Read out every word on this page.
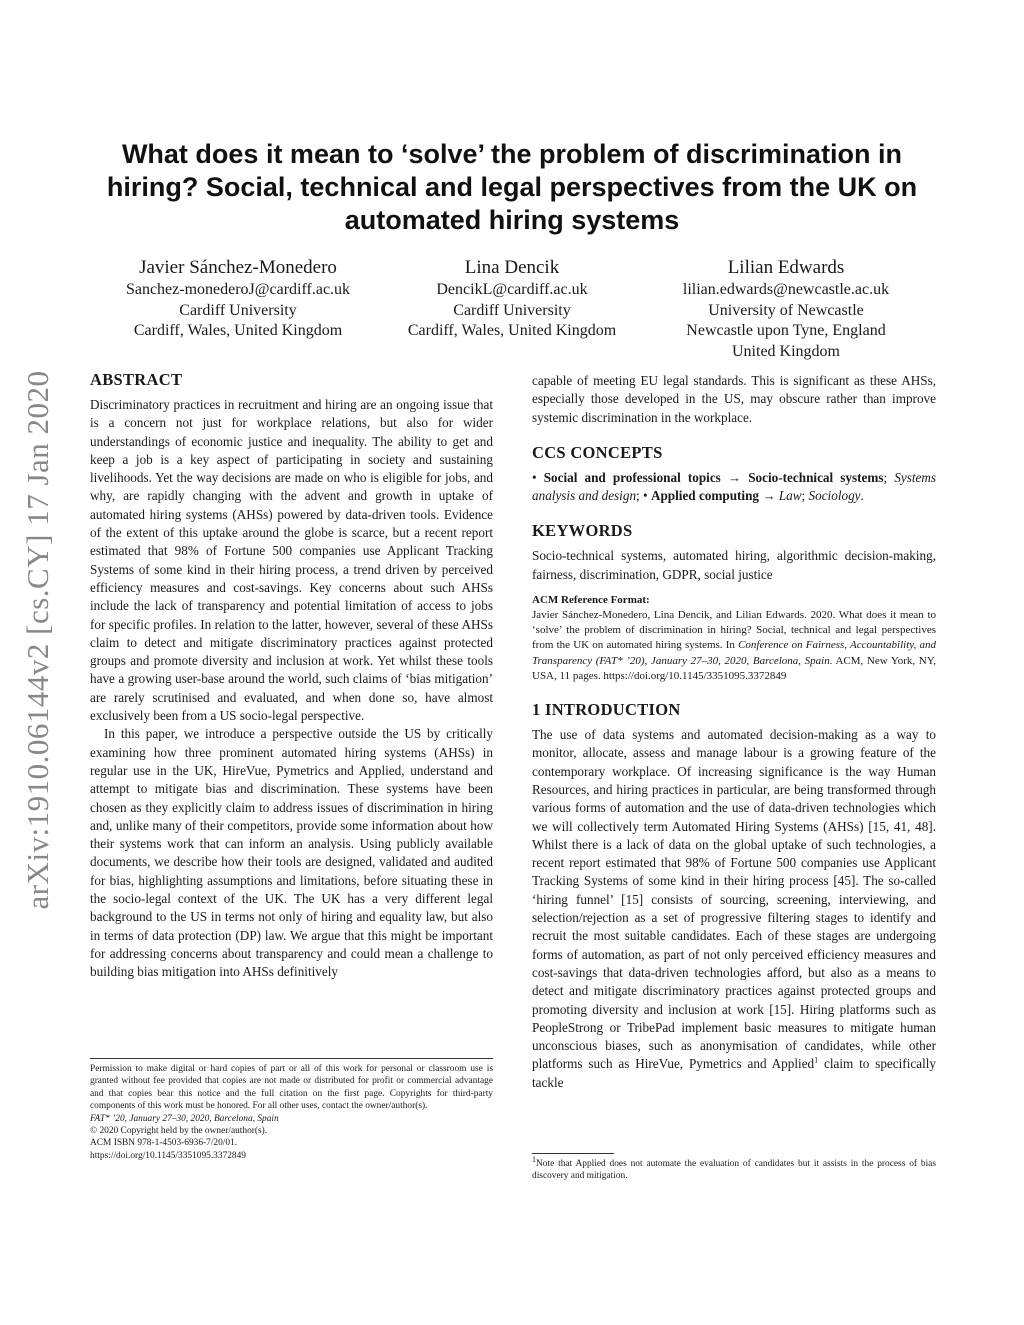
arXiv:1910.06144v2 [cs.CY] 17 Jan 2020
What does it mean to ‘solve’ the problem of discrimination in hiring? Social, technical and legal perspectives from the UK on automated hiring systems
Javier Sánchez-Monedero
Sanchez-monederoJ@cardiff.ac.uk
Cardiff University
Cardiff, Wales, United Kingdom
Lina Dencik
DencikL@cardiff.ac.uk
Cardiff University
Cardiff, Wales, United Kingdom
Lilian Edwards
lilian.edwards@newcastle.ac.uk
University of Newcastle
Newcastle upon Tyne, England
United Kingdom
ABSTRACT

Discriminatory practices in recruitment and hiring are an ongoing issue that is a concern not just for workplace relations, but also for wider understandings of economic justice and inequality. The ability to get and keep a job is a key aspect of participating in society and sustaining livelihoods. Yet the way decisions are made on who is eligible for jobs, and why, are rapidly changing with the advent and growth in uptake of automated hiring systems (AHSs) powered by data-driven tools. Evidence of the extent of this uptake around the globe is scarce, but a recent report estimated that 98% of Fortune 500 companies use Applicant Tracking Systems of some kind in their hiring process, a trend driven by perceived efficiency measures and cost-savings. Key concerns about such AHSs include the lack of transparency and potential limitation of access to jobs for specific profiles. In relation to the latter, however, several of these AHSs claim to detect and mitigate discriminatory practices against protected groups and promote diversity and inclusion at work. Yet whilst these tools have a growing user-base around the world, such claims of ‘bias mitigation’ are rarely scrutinised and evaluated, and when done so, have almost exclusively been from a US socio-legal perspective.

In this paper, we introduce a perspective outside the US by critically examining how three prominent automated hiring systems (AHSs) in regular use in the UK, HireVue, Pymetrics and Applied, understand and attempt to mitigate bias and discrimination. These systems have been chosen as they explicitly claim to address issues of discrimination in hiring and, unlike many of their competitors, provide some information about how their systems work that can inform an analysis. Using publicly available documents, we describe how their tools are designed, validated and audited for bias, highlighting assumptions and limitations, before situating these in the socio-legal context of the UK. The UK has a very different legal background to the US in terms not only of hiring and equality law, but also in terms of data protection (DP) law. We argue that this might be important for addressing concerns about transparency and could mean a challenge to building bias mitigation into AHSs definitively

Permission to make digital or hard copies of part or all of this work for personal or classroom use is granted without fee provided that copies are not made or distributed for profit or commercial advantage and that copies bear this notice and the full citation on the first page. Copyrights for third-party components of this work must be honored. For all other uses, contact the owner/author(s).

FAT* ’20, January 27–30, 2020, Barcelona, Spain

© 2020 Copyright held by the owner/author(s).

ACM ISBN 978-1-4503-6936-7/20/01.

https://doi.org/10.1145/3351095.3372849

capable of meeting EU legal standards. This is significant as these AHSs, especially those developed in the US, may obscure rather than improve systemic discrimination in the workplace.

CCS CONCEPTS

• Social and professional topics → Socio-technical systems; Systems analysis and design; • Applied computing → Law; Sociology.

KEYWORDS

Socio-technical systems, automated hiring, algorithmic decision-making, fairness, discrimination, GDPR, social justice

ACM Reference Format:

Javier Sánchez-Monedero, Lina Dencik, and Lilian Edwards. 2020. What does it mean to ‘solve’ the problem of discrimination in hiring? Social, technical and legal perspectives from the UK on automated hiring systems. In Conference on Fairness, Accountability, and Transparency (FAT* ’20), January 27–30, 2020, Barcelona, Spain. ACM, New York, NY, USA, 11 pages. https://doi.org/10.1145/3351095.3372849

1 INTRODUCTION

The use of data systems and automated decision-making as a way to monitor, allocate, assess and manage labour is a growing feature of the contemporary workplace. Of increasing significance is the way Human Resources, and hiring practices in particular, are being transformed through various forms of automation and the use of data-driven technologies which we will collectively term Automated Hiring Systems (AHSs) [15, 41, 48]. Whilst there is a lack of data on the global uptake of such technologies, a recent report estimated that 98% of Fortune 500 companies use Applicant Tracking Systems of some kind in their hiring process [45]. The so-called ‘hiring funnel’ [15] consists of sourcing, screening, interviewing, and selection/rejection as a set of progressive filtering stages to identify and recruit the most suitable candidates. Each of these stages are undergoing forms of automation, as part of not only perceived efficiency measures and cost-savings that data-driven technologies afford, but also as a means to detect and mitigate discriminatory practices against protected groups and promoting diversity and inclusion at work [15]. Hiring platforms such as PeopleStrong or TribePad implement basic measures to mitigate human unconscious biases, such as anonymisation of candidates, while other platforms such as HireVue, Pymetrics and Applied$^1$ claim to specifically tackle

$^1$Note that Applied does not automate the evaluation of candidates but it assists in the process of bias discovery and mitigation.
